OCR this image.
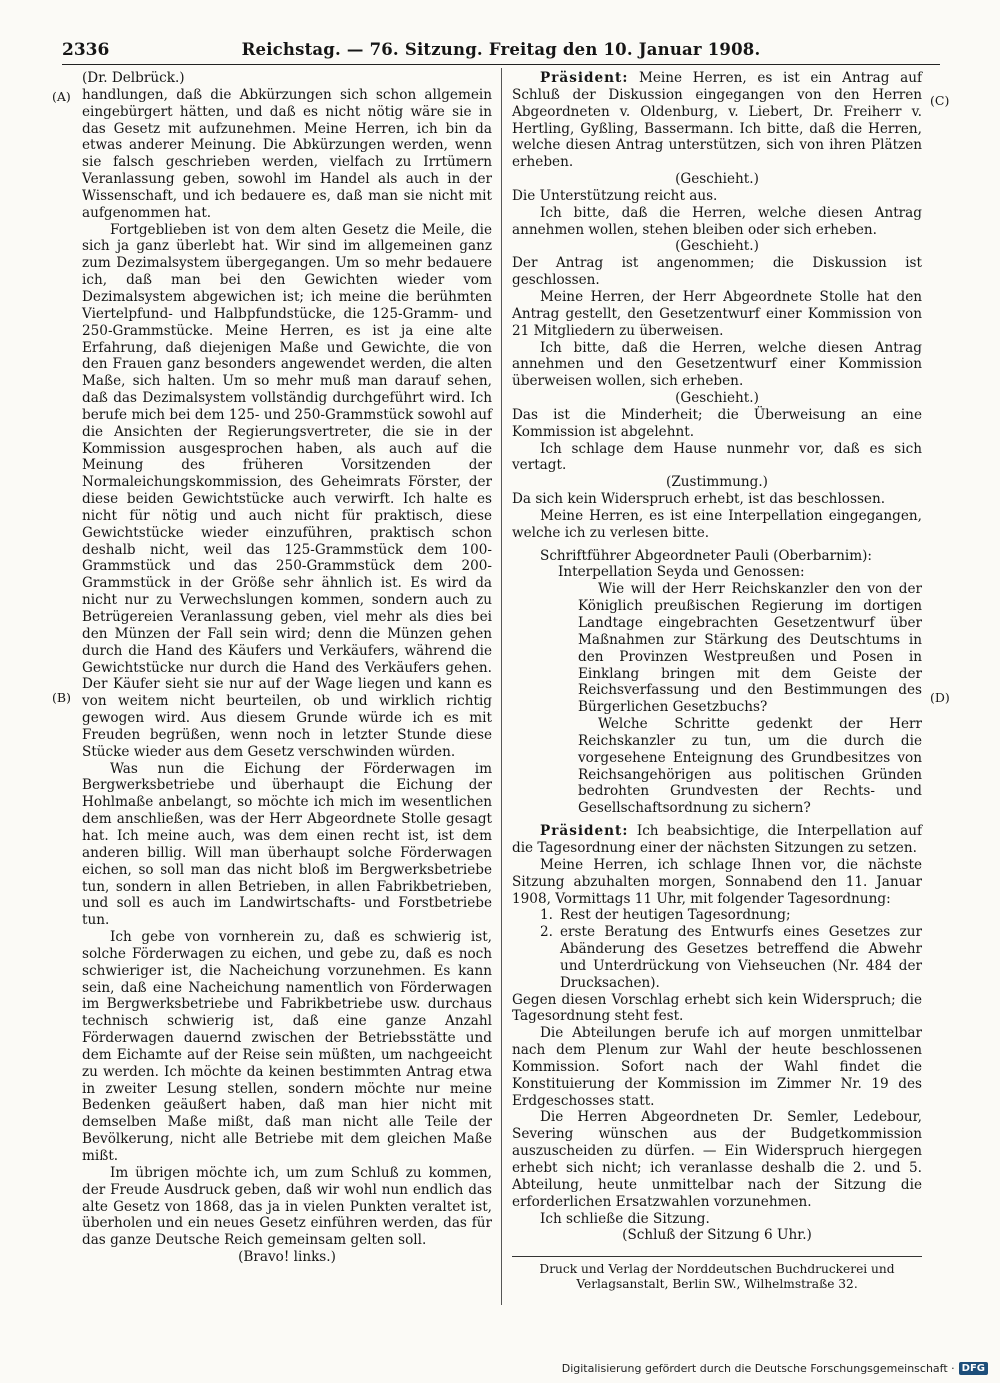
2336	Reichstag. — 76. Sitzung. Freitag den 10. Januar 1908.
(A)
(B)
(C)
(D)

(Dr. Delbrück.)

handlungen, daß die Abkürzungen sich schon allgemein eingebürgert hätten, und daß es nicht nötig wäre sie in das Gesetz mit aufzunehmen. Meine Herren, ich bin da etwas anderer Meinung. Die Abkürzungen werden, wenn sie falsch geschrieben werden, vielfach zu Irrtümern Veranlassung geben, sowohl im Handel als auch in der Wissenschaft, und ich bedauere es, daß man sie nicht mit aufgenommen hat.

Fortgeblieben ist von dem alten Gesetz die Meile, die sich ja ganz überlebt hat. Wir sind im allgemeinen ganz zum Dezimalsystem übergegangen. Um so mehr bedauere ich, daß man bei den Gewichten wieder vom Dezimalsystem abgewichen ist; ich meine die berühmten Viertelpfund- und Halbpfundstücke, die 125-Gramm- und 250-Grammstücke. Meine Herren, es ist ja eine alte Erfahrung, daß diejenigen Maße und Gewichte, die von den Frauen ganz besonders angewendet werden, die alten Maße, sich halten. Um so mehr muß man darauf sehen, daß das Dezimalsystem vollständig durchgeführt wird. Ich berufe mich bei dem 125- und 250-Grammstück sowohl auf die Ansichten der Regierungsvertreter, die sie in der Kommission ausgesprochen haben, als auch auf die Meinung des früheren Vorsitzenden der Normaleichungskommission, des Geheimrats Förster, der diese beiden Gewichtstücke auch verwirft. Ich halte es nicht für nötig und auch nicht für praktisch, diese Gewichtstücke wieder einzuführen, praktisch schon deshalb nicht, weil das 125-Grammstück dem 100-Grammstück und das 250-Grammstück dem 200-Grammstück in der Größe sehr ähnlich ist. Es wird da nicht nur zu Verwechslungen kommen, sondern auch zu Betrügereien Veranlassung geben, viel mehr als dies bei den Münzen der Fall sein wird; denn die Münzen gehen durch die Hand des Käufers und Verkäufers, während die Gewichtstücke nur durch die Hand des Verkäufers gehen. Der Käufer sieht sie nur auf der Wage liegen und kann es von weitem nicht beurteilen, ob und wirklich richtig gewogen wird. Aus diesem Grunde würde ich es mit Freuden begrüßen, wenn noch in letzter Stunde diese Stücke wieder aus dem Gesetz verschwinden würden.

Was nun die Eichung der Förderwagen im Bergwerksbetriebe und überhaupt die Eichung der Hohlmaße anbelangt, so möchte ich mich im wesentlichen dem anschließen, was der Herr Abgeordnete Stolle gesagt hat. Ich meine auch, was dem einen recht ist, ist dem anderen billig. Will man überhaupt solche Förderwagen eichen, so soll man das nicht bloß im Bergwerksbetriebe tun, sondern in allen Betrieben, in allen Fabrikbetrieben, und soll es auch im Landwirtschafts- und Forstbetriebe tun.

Ich gebe von vornherein zu, daß es schwierig ist, solche Förderwagen zu eichen, und gebe zu, daß es noch schwieriger ist, die Nacheichung vorzunehmen. Es kann sein, daß eine Nacheichung namentlich von Förderwagen im Bergwerksbetriebe und Fabrikbetriebe usw. durchaus technisch schwierig ist, daß eine ganze Anzahl Förderwagen dauernd zwischen der Betriebsstätte und dem Eichamte auf der Reise sein müßten, um nachgeeicht zu werden. Ich möchte da keinen bestimmten Antrag etwa in zweiter Lesung stellen, sondern möchte nur meine Bedenken geäußert haben, daß man hier nicht mit demselben Maße mißt, daß man nicht alle Teile der Bevölkerung, nicht alle Betriebe mit dem gleichen Maße mißt.

Im übrigen möchte ich, um zum Schluß zu kommen, der Freude Ausdruck geben, daß wir wohl nun endlich das alte Gesetz von 1868, das ja in vielen Punkten veraltet ist, überholen und ein neues Gesetz einführen werden, das für das ganze Deutsche Reich gemeinsam gelten soll.

(Bravo! links.)

Präsident: Meine Herren, es ist ein Antrag auf Schluß der Diskussion eingegangen von den Herren Abgeordneten v. Oldenburg, v. Liebert, Dr. Freiherr v. Hertling, Gyßling, Bassermann. Ich bitte, daß die Herren, welche diesen Antrag unterstützen, sich von ihren Plätzen erheben.

(Geschieht.)

Die Unterstützung reicht aus.

Ich bitte, daß die Herren, welche diesen Antrag annehmen wollen, stehen bleiben oder sich erheben.

(Geschieht.)

Der Antrag ist angenommen; die Diskussion ist geschlossen.

Meine Herren, der Herr Abgeordnete Stolle hat den Antrag gestellt, den Gesetzentwurf einer Kommission von 21 Mitgliedern zu überweisen.

Ich bitte, daß die Herren, welche diesen Antrag annehmen und den Gesetzentwurf einer Kommission überweisen wollen, sich erheben.

(Geschieht.)

Das ist die Minderheit; die Überweisung an eine Kommission ist abgelehnt.

Ich schlage dem Hause nunmehr vor, daß es sich vertagt.

(Zustimmung.)

Da sich kein Widerspruch erhebt, ist das beschlossen.

Meine Herren, es ist eine Interpellation eingegangen, welche ich zu verlesen bitte.

Schriftführer Abgeordneter Pauli (Oberbarnim):

Interpellation Seyda und Genossen:

Wie will der Herr Reichskanzler den von der Königlich preußischen Regierung im dortigen Landtage eingebrachten Gesetzentwurf über Maßnahmen zur Stärkung des Deutschtums in den Provinzen Westpreußen und Posen in Einklang bringen mit dem Geiste der Reichsverfassung und den Bestimmungen des Bürgerlichen Gesetzbuchs?

Welche Schritte gedenkt der Herr Reichskanzler zu tun, um die durch die vorgesehene Enteignung des Grundbesitzes von Reichsangehörigen aus politischen Gründen bedrohten Grundvesten der Rechts- und Gesellschaftsordnung zu sichern?

Präsident: Ich beabsichtige, die Interpellation auf die Tagesordnung einer der nächsten Sitzungen zu setzen.

Meine Herren, ich schlage Ihnen vor, die nächste Sitzung abzuhalten morgen, Sonnabend den 11. Januar 1908, Vormittags 11 Uhr, mit folgender Tagesordnung:

1. Rest der heutigen Tagesordnung;
2. erste Beratung des Entwurfs eines Gesetzes zur Abänderung des Gesetzes betreffend die Abwehr und Unterdrückung von Viehseuchen (Nr. 484 der Drucksachen).

Gegen diesen Vorschlag erhebt sich kein Widerspruch; die Tagesordnung steht fest.

Die Abteilungen berufe ich auf morgen unmittelbar nach dem Plenum zur Wahl der heute beschlossenen Kommission. Sofort nach der Wahl findet die Konstituierung der Kommission im Zimmer Nr. 19 des Erdgeschosses statt.

Die Herren Abgeordneten Dr. Semler, Ledebour, Severing wünschen aus der Budgetkommission auszuscheiden zu dürfen. — Ein Widerspruch hiergegen erhebt sich nicht; ich veranlasse deshalb die 2. und 5. Abteilung, heute unmittelbar nach der Sitzung die erforderlichen Ersatzwahlen vorzunehmen.

Ich schließe die Sitzung.

(Schluß der Sitzung 6 Uhr.)

Druck und Verlag der Norddeutschen Buchdruckerei und Verlagsanstalt, Berlin SW., Wilhelmstraße 32.
Digitalisierung gefördert durch die Deutsche Forschungsgemeinschaft · DFG
